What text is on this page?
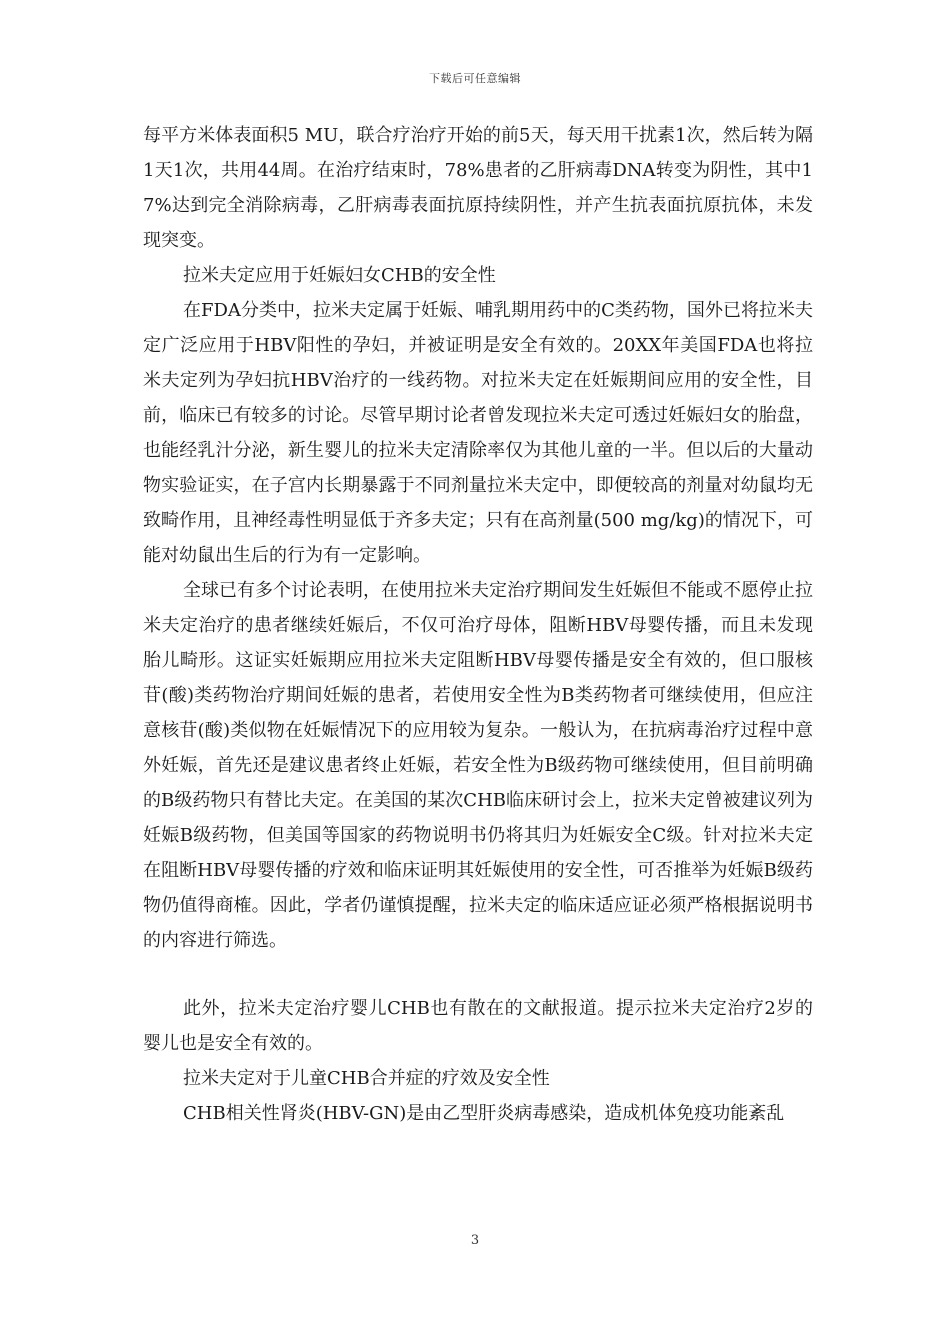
下载后可任意编辑

每平方米体表面积5 MU，联合疗治疗开始的前5天，每天用干扰素1次，然后转为隔1天1次，共用44周。在治疗结束时，78%患者的乙肝病毒DNA转变为阴性，其中17%达到完全消除病毒，乙肝病毒表面抗原持续阴性，并产生抗表面抗原抗体，未发现突变。

拉米夫定应用于妊娠妇女CHB的安全性

在FDA分类中，拉米夫定属于妊娠、哺乳期用药中的C类药物，国外已将拉米夫定广泛应用于HBV阳性的孕妇，并被证明是安全有效的。20XX年美国FDA也将拉米夫定列为孕妇抗HBV治疗的一线药物。对拉米夫定在妊娠期间应用的安全性，目前，临床已有较多的讨论。尽管早期讨论者曾发现拉米夫定可透过妊娠妇女的胎盘，也能经乳汁分泌，新生婴儿的拉米夫定清除率仅为其他儿童的一半。但以后的大量动物实验证实，在子宫内长期暴露于不同剂量拉米夫定中，即便较高的剂量对幼鼠均无致畸作用，且神经毒性明显低于齐多夫定；只有在高剂量(500 mg/kg)的情况下，可能对幼鼠出生后的行为有一定影响。

全球已有多个讨论表明，在使用拉米夫定治疗期间发生妊娠但不能或不愿停止拉米夫定治疗的患者继续妊娠后，不仅可治疗母体，阻断HBV母婴传播，而且未发现胎儿畸形。这证实妊娠期应用拉米夫定阻断HBV母婴传播是安全有效的，但口服核苷(酸)类药物治疗期间妊娠的患者，若使用安全性为B类药物者可继续使用，但应注意核苷(酸)类似物在妊娠情况下的应用较为复杂。一般认为，在抗病毒治疗过程中意外妊娠，首先还是建议患者终止妊娠，若安全性为B级药物可继续使用，但目前明确的B级药物只有替比夫定。在美国的某次CHB临床研讨会上，拉米夫定曾被建议列为妊娠B级药物，但美国等国家的药物说明书仍将其归为妊娠安全C级。针对拉米夫定在阻断HBV母婴传播的疗效和临床证明其妊娠使用的安全性，可否推举为妊娠B级药物仍值得商榷。因此，学者仍谨慎提醒，拉米夫定的临床适应证必须严格根据说明书的内容进行筛选。

此外，拉米夫定治疗婴儿CHB也有散在的文献报道。提示拉米夫定治疗2岁的婴儿也是安全有效的。

拉米夫定对于儿童CHB合并症的疗效及安全性

CHB相关性肾炎(HBV-GN)是由乙型肝炎病毒感染，造成机体免疫功能紊乱

3
